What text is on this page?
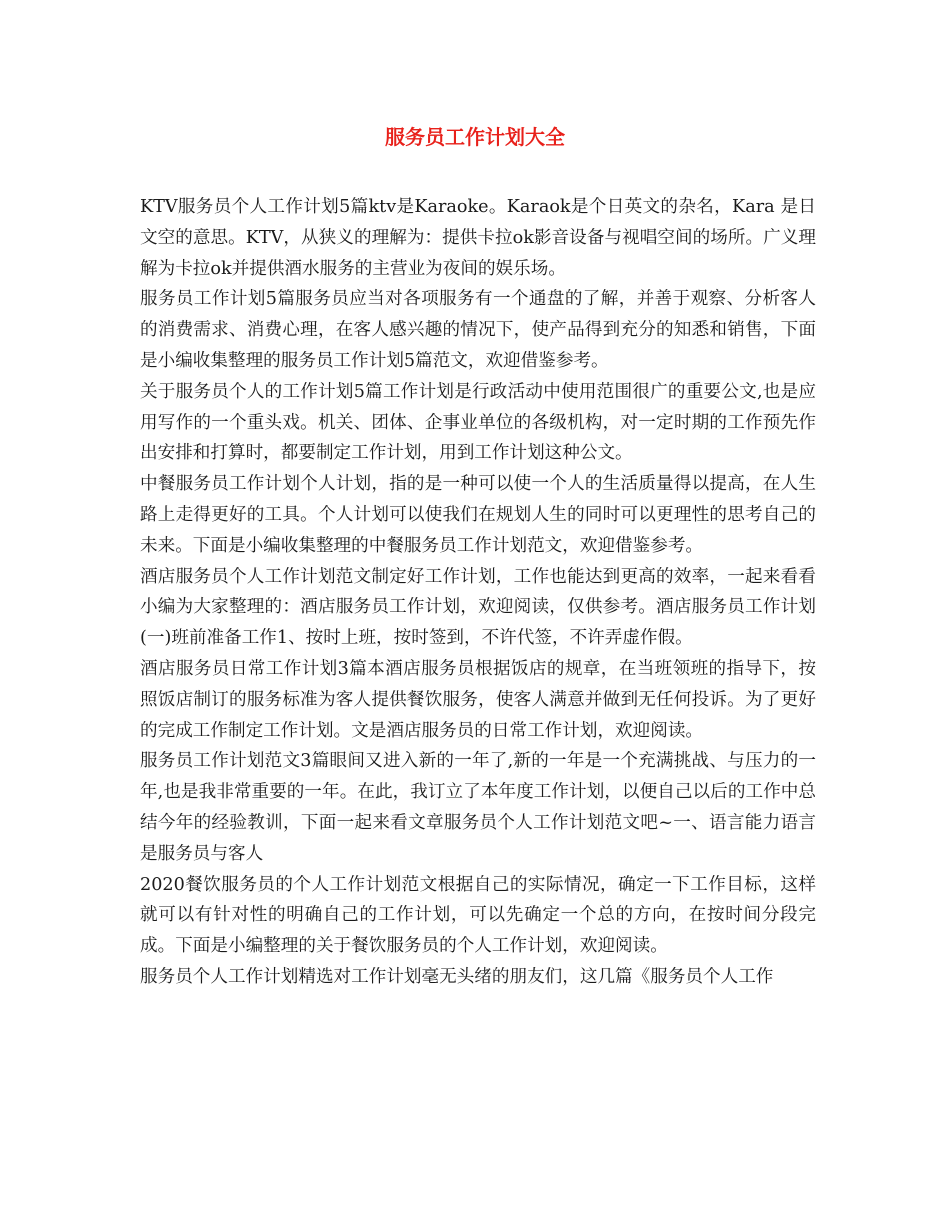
服务员工作计划大全

KTV服务员个人工作计划5篇ktv是Karaoke。Karaok是个日英文的杂名，Kara 是日文空的意思。KTV，从狭义的理解为：提供卡拉ok影音设备与视唱空间的场所。广义理解为卡拉ok并提供酒水服务的主营业为夜间的娱乐场。

服务员工作计划5篇服务员应当对各项服务有一个通盘的了解，并善于观察、分析客人的消费需求、消费心理，在客人感兴趣的情况下，使产品得到充分的知悉和销售，下面是小编收集整理的服务员工作计划5篇范文，欢迎借鉴参考。

关于服务员个人的工作计划5篇工作计划是行政活动中使用范围很广的重要公文,也是应用写作的一个重头戏。机关、团体、企事业单位的各级机构，对一定时期的工作预先作出安排和打算时，都要制定工作计划，用到工作计划这种公文。

中餐服务员工作计划个人计划，指的是一种可以使一个人的生活质量得以提高，在人生路上走得更好的工具。个人计划可以使我们在规划人生的同时可以更理性的思考自己的未来。下面是小编收集整理的中餐服务员工作计划范文，欢迎借鉴参考。

酒店服务员个人工作计划范文制定好工作计划，工作也能达到更高的效率，一起来看看小编为大家整理的：酒店服务员工作计划，欢迎阅读，仅供参考。酒店服务员工作计划(一)班前准备工作1、按时上班，按时签到，不许代签，不许弄虚作假。

酒店服务员日常工作计划3篇本酒店服务员根据饭店的规章，在当班领班的指导下，按照饭店制订的服务标准为客人提供餐饮服务，使客人满意并做到无任何投诉。为了更好的完成工作制定工作计划。文是酒店服务员的日常工作计划，欢迎阅读。

服务员工作计划范文3篇眼间又进入新的一年了,新的一年是一个充满挑战、与压力的一年,也是我非常重要的一年。在此，我订立了本年度工作计划，以便自己以后的工作中总结今年的经验教训，下面一起来看文章服务员个人工作计划范文吧~一、语言能力语言是服务员与客人

2020餐饮服务员的个人工作计划范文根据自己的实际情况，确定一下工作目标，这样就可以有针对性的明确自己的工作计划，可以先确定一个总的方向，在按时间分段完成。下面是小编整理的关于餐饮服务员的个人工作计划，欢迎阅读。

服务员个人工作计划精选对工作计划毫无头绪的朋友们，这几篇《服务员个人工作
